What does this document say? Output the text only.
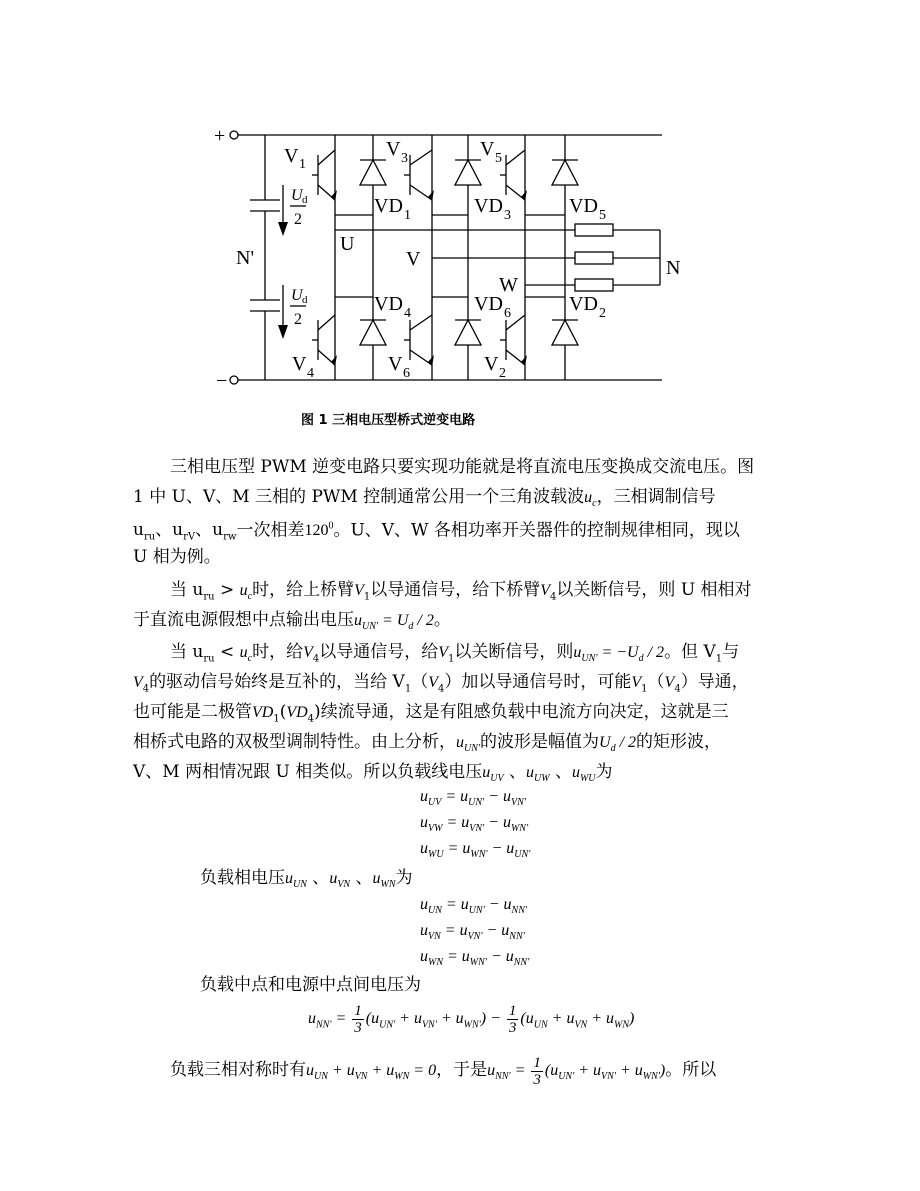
+
−
V 1
V 3	V 5
VD 1	VD 3	VD 5
U
V
W
N
N'
VD 4	VD 6	VD 2
V 4	V 6	V 2
U d
2
U d
2
图 1 三相电压型桥式逆变电路
三相电压型 PWM 逆变电路只要实现功能就是将直流电压变换成交流电压。图
1 中 U、V、M 三相的 PWM 控制通常公用一个三角波载波$u_c$，三相调制信号
$u_{ru}$、$u_{rV}$、$u_{rw}$一次相差$120^0$。U、V、W 各相功率开关器件的控制规律相同，现以
U 相为例。
当 $u_{ru} > u_c$时，给上桥臂$V_1$以导通信号，给下桥臂$V_4$以关断信号，则 U 相相对
于直流电源假想中点输出电压$u_{UN'} = U_d / 2$。
当 $u_{ru} < u_c$时，给$V_4$以导通信号，给$V_1$以关断信号，则$u_{UN'} = -U_d / 2$。但 $V_1$与
$V_4$的驱动信号始终是互补的，当给 $V_1(V_4)$加以导通信号时，可能$V_1(V_4)$导通，
也可能是二极管$VD_1(VD_4)$续流导通，这是有阻感负载中电流方向决定，这就是三
相桥式电路的双极型调制特性。由上分析，$u_{UN'}$的波形是幅值为$U_d / 2$的矩形波，
V、M 两相情况跟 U 相类似。所以负载线电压$u_{UV}$ 、$u_{UW}$ 、$u_{WU}$为
$u_{UV} = u_{UN'} - u_{VN'}$
$u_{VW} = u_{VN'} - u_{WN'}$
$u_{WU} = u_{WN'} - u_{UN'}$
负载相电压$u_{UN}$ 、$u_{VN}$ 、$u_{WN}$为
$u_{UN} = u_{UN'} - u_{NN'}$
$u_{VN} = u_{VN'} - u_{NN'}$
$u_{WN} = u_{WN'} - u_{NN'}$
负载中点和电源中点间电压为
$u_{NN'} = \frac{1}{3} (u_{UN'} + u_{VN'} + u_{WN'}) - \frac{1}{3} (u_{UN} + u_{VN} + u_{WN})$
负载三相对称时有$u_{UN} + u_{VN} + u_{WN} = 0$，于是$u_{NN'} = \frac{1}{3} (u_{UN'} + u_{VN'} + u_{WN'})$。所以
